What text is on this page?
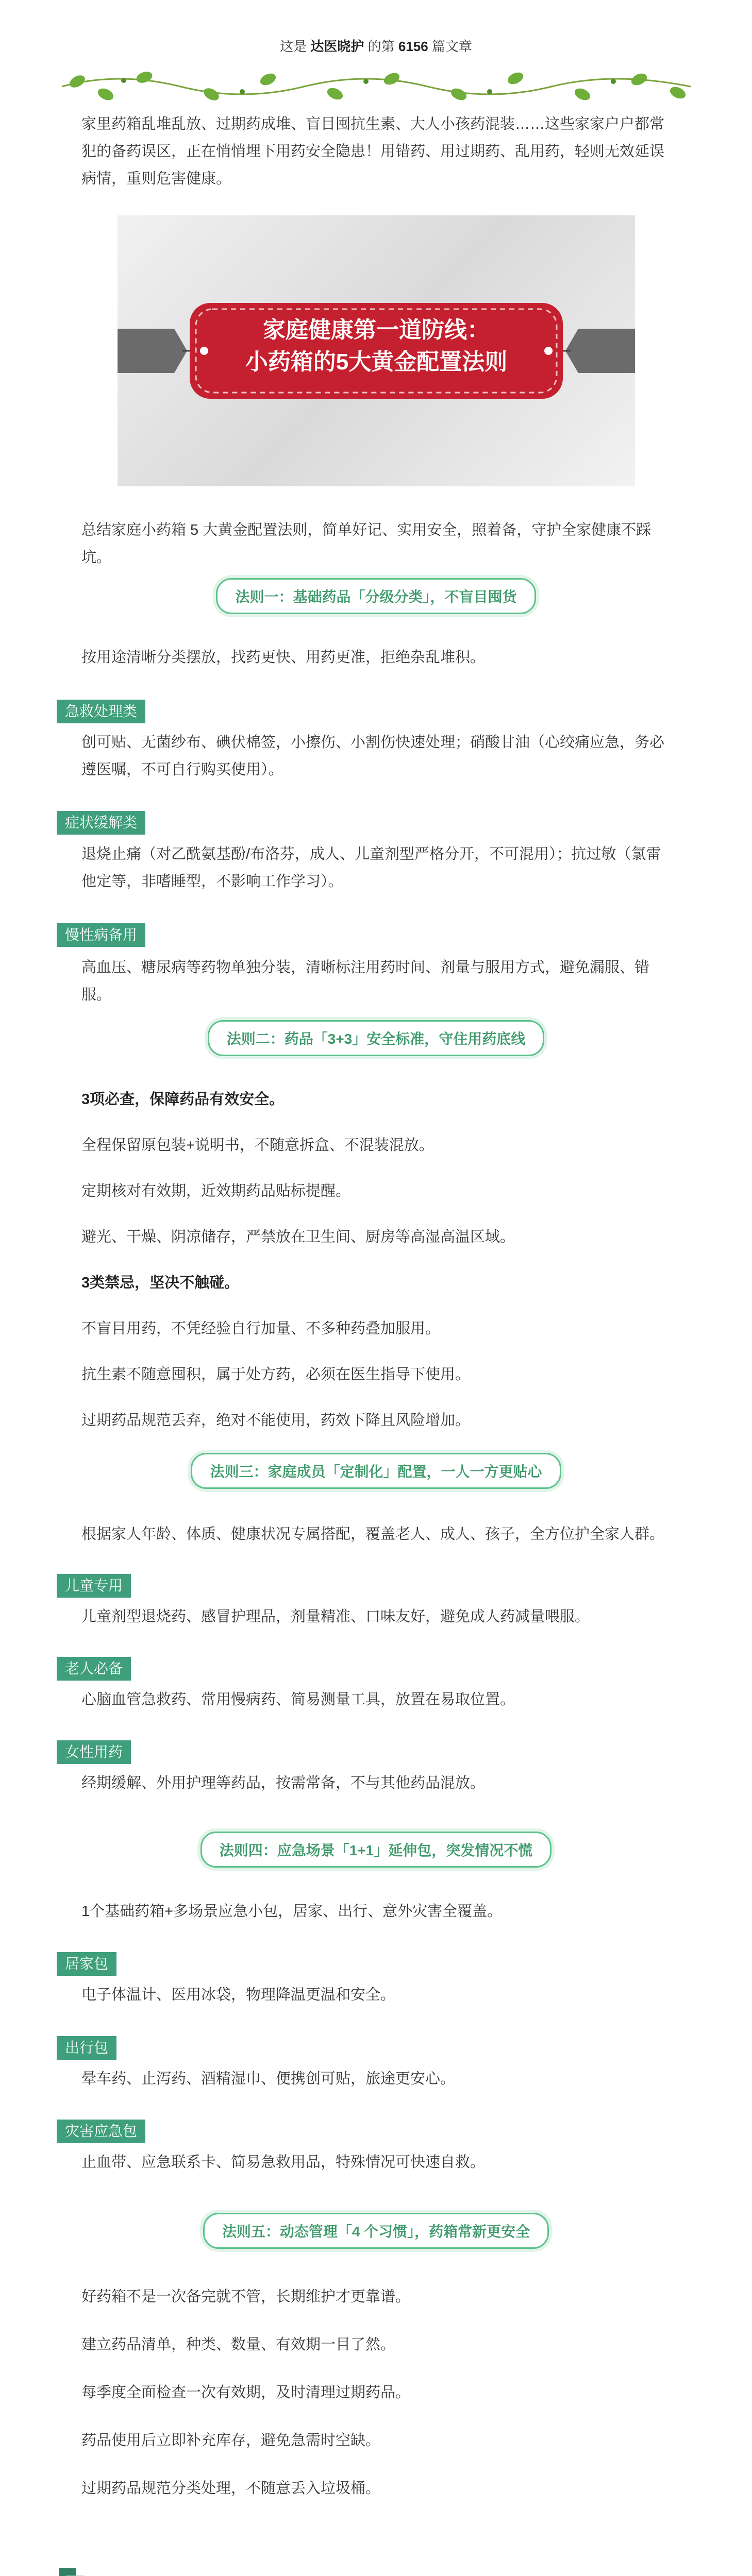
这是 达医晓护 的第 6156 篇文章
家里药箱乱堆乱放、过期药成堆、盲目囤抗生素、大人小孩药混装……这些家家户户都常犯的备药误区，正在悄悄埋下用药安全隐患！用错药、用过期药、乱用药，轻则无效延误病情，重则危害健康。
家庭健康第一道防线：
小药箱的5大黄金配置法则
总结家庭小药箱 5 大黄金配置法则，简单好记、实用安全，照着备，守护全家健康不踩坑。
法则一：基础药品「分级分类」，不盲目囤货
按用途清晰分类摆放，找药更快、用药更准，拒绝杂乱堆积。
急救处理类
创可贴、无菌纱布、碘伏棉签，小擦伤、小割伤快速处理；硝酸甘油（心绞痛应急，务必遵医嘱，不可自行购买使用）。
症状缓解类
退烧止痛（对乙酰氨基酚/布洛芬，成人、儿童剂型严格分开，不可混用）；抗过敏（氯雷他定等，非嗜睡型，不影响工作学习）。
慢性病备用
高血压、糖尿病等药物单独分装，清晰标注用药时间、剂量与服用方式，避免漏服、错服。
法则二：药品「3+3」安全标准，守住用药底线
3项必查，保障药品有效安全。
全程保留原包装+说明书，不随意拆盒、不混装混放。
定期核对有效期，近效期药品贴标提醒。
避光、干燥、阴凉储存，严禁放在卫生间、厨房等高湿高温区域。
3类禁忌，坚决不触碰。
不盲目用药，不凭经验自行加量、不多种药叠加服用。
抗生素不随意囤积，属于处方药，必须在医生指导下使用。
过期药品规范丢弃，绝对不能使用，药效下降且风险增加。
法则三：家庭成员「定制化」配置，一人一方更贴心
根据家人年龄、体质、健康状况专属搭配，覆盖老人、成人、孩子，全方位护全家人群。
儿童专用
儿童剂型退烧药、感冒护理品，剂量精准、口味友好，避免成人药减量喂服。
老人必备
心脑血管急救药、常用慢病药、简易测量工具，放置在易取位置。
女性用药
经期缓解、外用护理等药品，按需常备，不与其他药品混放。
法则四：应急场景「1+1」延伸包，突发情况不慌
1个基础药箱+多场景应急小包，居家、出行、意外灾害全覆盖。
居家包
电子体温计、医用冰袋，物理降温更温和安全。
出行包
晕车药、止泻药、酒精湿巾、便携创可贴，旅途更安心。
灾害应急包
止血带、应急联系卡、简易急救用品，特殊情况可快速自救。
法则五：动态管理「4 个习惯」，药箱常新更安全
好药箱不是一次备完就不管，长期维护才更靠谱。
建立药品清单，种类、数量、有效期一目了然。
每季度全面检查一次有效期，及时清理过期药品。
药品使用后立即补充库存，避免急需时空缺。
过期药品规范分类处理，不随意丢入垃圾桶。
